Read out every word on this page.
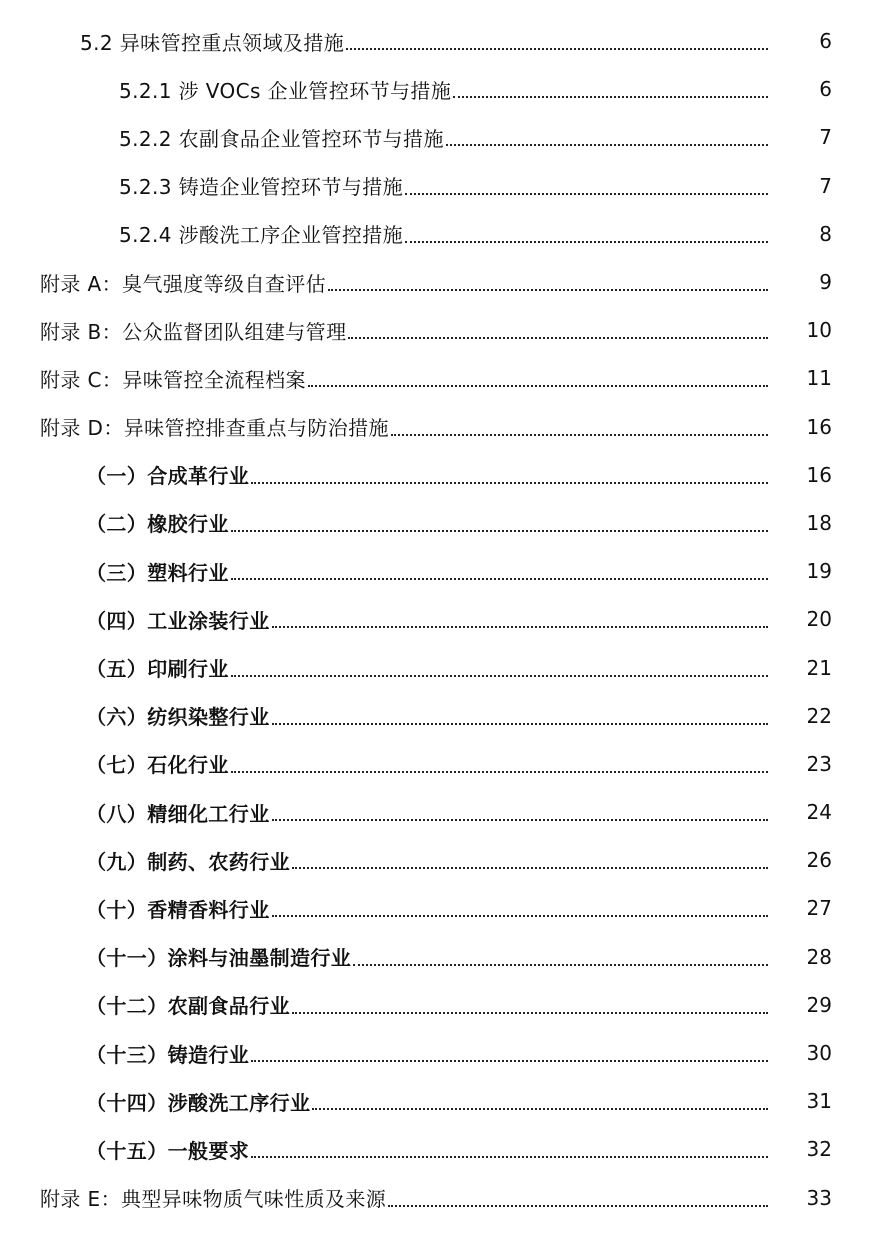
5.2 异味管控重点领域及措施	6
5.2.1 涉 VOCs 企业管控环节与措施	6
5.2.2 农副食品企业管控环节与措施	7
5.2.3 铸造企业管控环节与措施	7
5.2.4 涉酸洗工序企业管控措施	8
附录 A：臭气强度等级自查评估	9
附录 B：公众监督团队组建与管理	10
附录 C：异味管控全流程档案	11
附录 D：异味管控排查重点与防治措施	16
（一）合成革行业	16
（二）橡胶行业	18
（三）塑料行业	19
（四）工业涂装行业	20
（五）印刷行业	21
（六）纺织染整行业	22
（七）石化行业	23
（八）精细化工行业	24
（九）制药、农药行业	26
（十）香精香料行业	27
（十一）涂料与油墨制造行业	28
（十二）农副食品行业	29
（十三）铸造行业	30
（十四）涉酸洗工序行业	31
（十五）一般要求	32
附录 E：典型异味物质气味性质及来源	33
